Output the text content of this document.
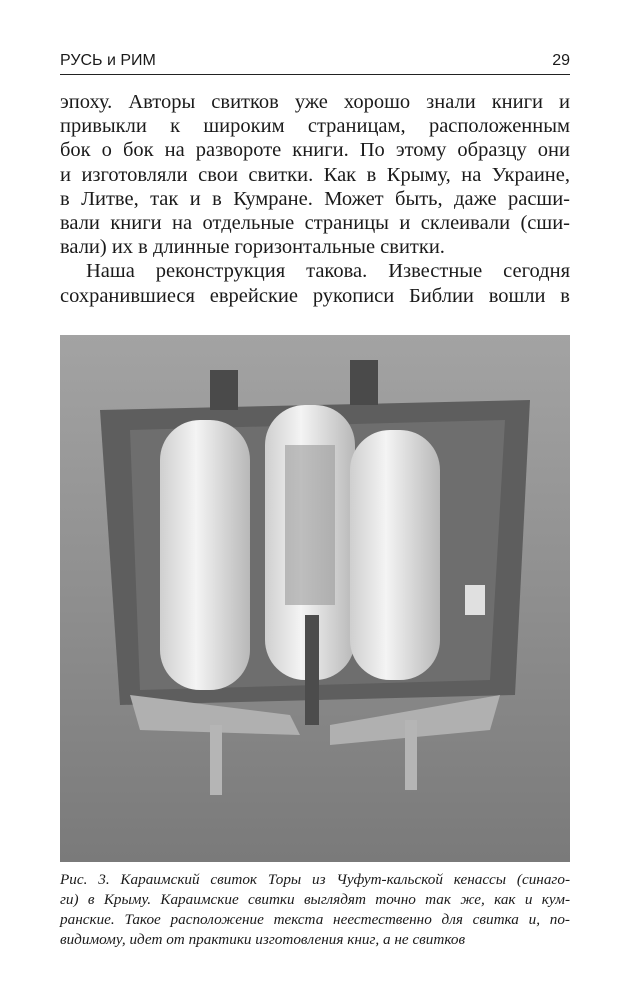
РУСЬ и РИМ	29
эпоху. Авторы свитков уже хорошо знали книги и
привыкли к широким страницам, расположенным
бок о бок на развороте книги. По этому образцу они
и изготовляли свои свитки. Как в Крыму, на Украине,
в Литве, так и в Кумране. Может быть, даже расши-
вали книги на отдельные страницы и склеивали (сши-
вали) их в длинные горизонтальные свитки.
Наша реконструкция такова. Известные сегодня
сохранившиеся еврейские рукописи Библии вошли в
Рис. 3. Караимский свиток Торы из Чуфут-кальской кенассы (синаго-
ги) в Крыму. Караимские свитки выглядят точно так же, как и кум-
ранские. Такое расположение текста неестественно для свитка и, по-
видимому, идет от практики изготовления книг, а не свитков
